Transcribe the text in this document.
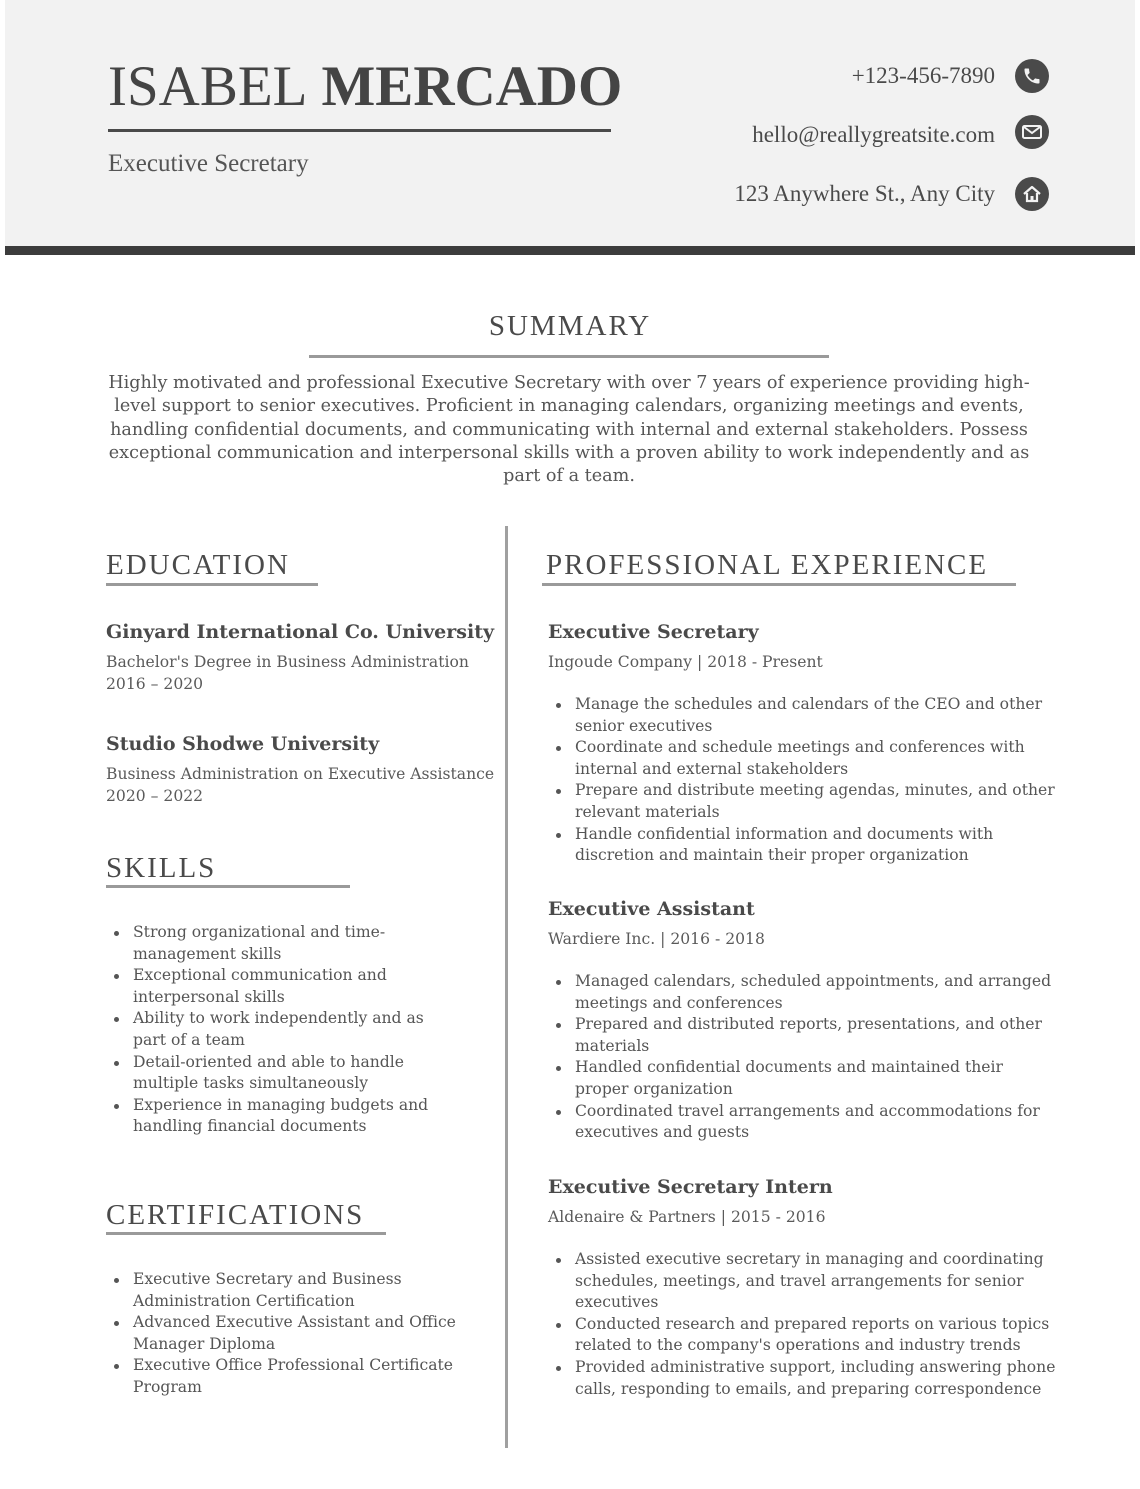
ISABEL MERCADO
Executive Secretary
+123-456-7890
hello@reallygreatsite.com
123 Anywhere St., Any City
SUMMARY

Highly motivated and professional Executive Secretary with over 7 years of experience providing high-level support to senior executives. Proficient in managing calendars, organizing meetings and events, handling confidential documents, and communicating with internal and external stakeholders. Possess exceptional communication and interpersonal skills with a proven ability to work independently and as part of a team.

EDUCATION
Ginyard International Co. University
Bachelor's Degree in Business Administration
2016 – 2020
Studio Shodwe University
Business Administration on Executive Assistance
2020 – 2022
SKILLS
Strong organizational and time-management skills
Exceptional communication and interpersonal skills
Ability to work independently and as part of a team
Detail-oriented and able to handle multiple tasks simultaneously
Experience in managing budgets and handling financial documents
CERTIFICATIONS
Executive Secretary and Business Administration Certification
Advanced Executive Assistant and Office Manager Diploma
Executive Office Professional Certificate Program
PROFESSIONAL EXPERIENCE
Executive Secretary
Ingoude Company | 2018 - Present
Manage the schedules and calendars of the CEO and other senior executives
Coordinate and schedule meetings and conferences with internal and external stakeholders
Prepare and distribute meeting agendas, minutes, and other relevant materials
Handle confidential information and documents with discretion and maintain their proper organization
Executive Assistant
Wardiere Inc. | 2016 - 2018
Managed calendars, scheduled appointments, and arranged meetings and conferences
Prepared and distributed reports, presentations, and other materials
Handled confidential documents and maintained their proper organization
Coordinated travel arrangements and accommodations for executives and guests
Executive Secretary Intern
Aldenaire & Partners | 2015 - 2016
Assisted executive secretary in managing and coordinating schedules, meetings, and travel arrangements for senior executives
Conducted research and prepared reports on various topics related to the company's operations and industry trends
Provided administrative support, including answering phone calls, responding to emails, and preparing correspondence
